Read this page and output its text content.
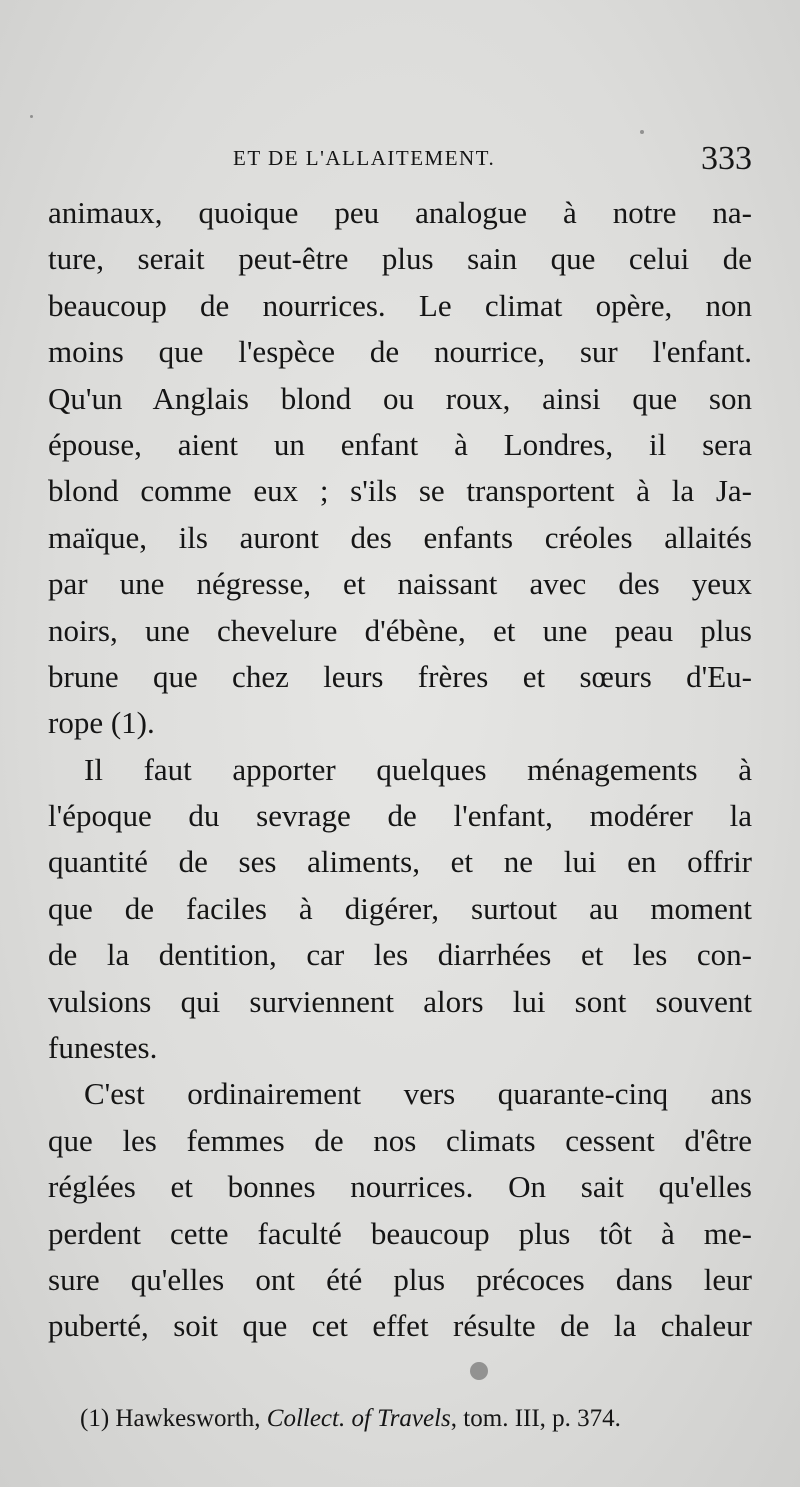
ET DE L'ALLAITEMENT.	333
animaux, quoique peu analogue à notre na-
ture, serait peut-être plus sain que celui de
beaucoup de nourrices. Le climat opère, non
moins que l'espèce de nourrice, sur l'enfant.
Qu'un Anglais blond ou roux, ainsi que son
épouse, aient un enfant à Londres, il sera
blond comme eux ; s'ils se transportent à la Ja-
maïque, ils auront des enfants créoles allaités
par une négresse, et naissant avec des yeux
noirs, une chevelure d'ébène, et une peau plus
brune que chez leurs frères et sœurs d'Eu-
rope (1).
Il faut apporter quelques ménagements à
l'époque du sevrage de l'enfant, modérer la
quantité de ses aliments, et ne lui en offrir
que de faciles à digérer, surtout au moment
de la dentition, car les diarrhées et les con-
vulsions qui surviennent alors lui sont souvent
funestes.
C'est ordinairement vers quarante-cinq ans
que les femmes de nos climats cessent d'être
réglées et bonnes nourrices. On sait qu'elles
perdent cette faculté beaucoup plus tôt à me-
sure qu'elles ont été plus précoces dans leur
puberté, soit que cet effet résulte de la chaleur
(1) Hawkesworth, Collect. of Travels, tom. III, p. 374.
